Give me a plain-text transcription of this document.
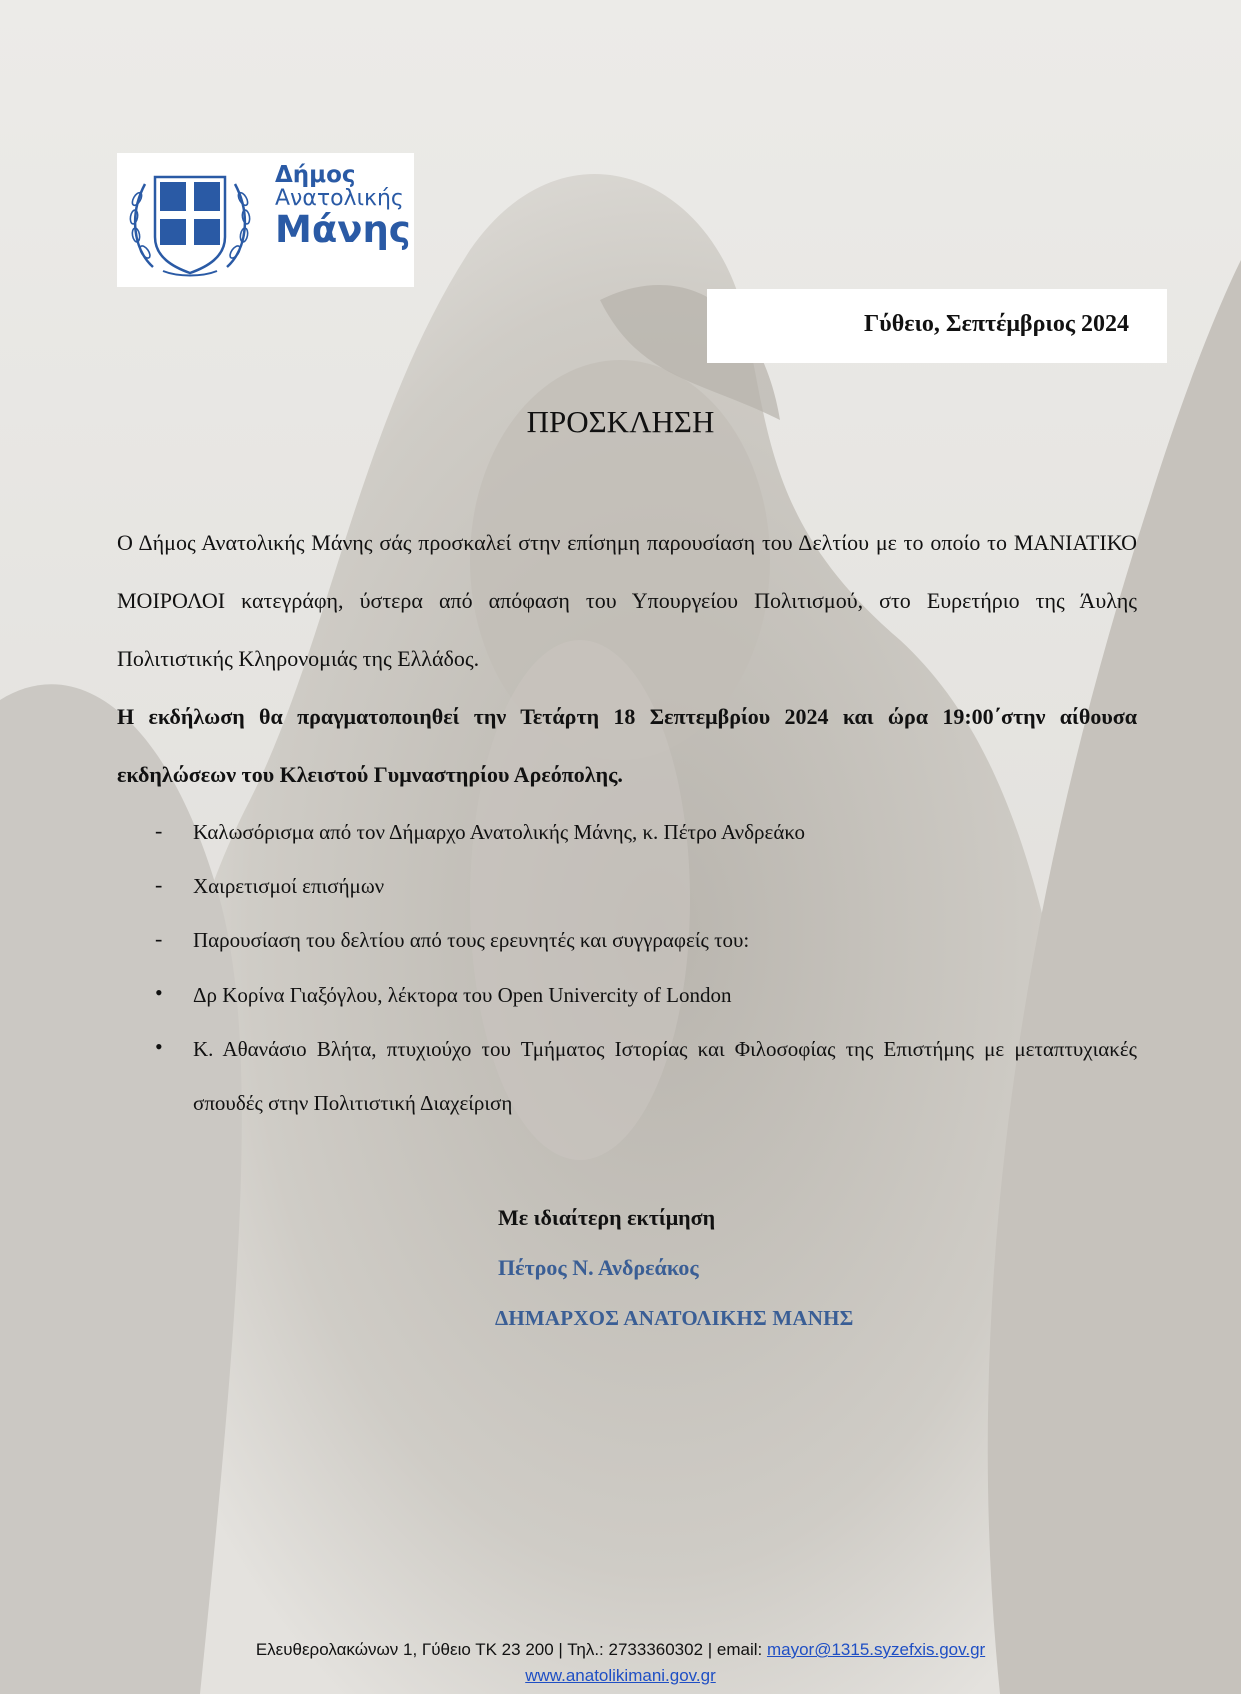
Δήμος
Ανατολικής
Μάνης
Γύθειο, Σεπτέμβριος 2024
ΠΡΟΣΚΛΗΣΗ
Ο Δήμος Ανατολικής Μάνης σάς προσκαλεί στην επίσημη παρουσίαση του Δελτίου με το οποίο το ΜΑΝΙΑΤΙΚΟ ΜΟΙΡΟΛΟΙ κατεγράφη, ύστερα από απόφαση του Υπουργείου Πολιτισμού, στο Ευρετήριο της Άυλης Πολιτιστικής Κληρονομιάς της Ελλάδος.
Η εκδήλωση θα πραγματοποιηθεί την Τετάρτη 18 Σεπτεμβρίου 2024 και ώρα 19:00΄στην αίθουσα εκδηλώσεων του Κλειστού Γυμναστηρίου Αρεόπολης.
- Καλωσόρισμα από τον Δήμαρχο Ανατολικής Μάνης, κ. Πέτρο Ανδρεάκο
- Χαιρετισμοί επισήμων
- Παρουσίαση του δελτίου από τους ερευνητές και συγγραφείς του:
• Δρ Κορίνα Γιαξόγλου, λέκτορα του Open Univercity of London
• Κ. Αθανάσιο Βλήτα, πτυχιούχο του Τμήματος Ιστορίας και Φιλοσοφίας της Επιστήμης με μεταπτυχιακές σπουδές στην Πολιτιστική Διαχείριση
Με ιδιαίτερη εκτίμηση
Πέτρος Ν. Ανδρεάκος
ΔΗΜΑΡΧΟΣ ΑΝΑΤΟΛΙΚΗΣ ΜΑΝΗΣ
Ελευθερολακώνων 1, Γύθειο ΤΚ 23 200 | Τηλ.: 2733360302 | email: mayor@1315.syzefxis.gov.gr
www.anatolikimani.gov.gr
